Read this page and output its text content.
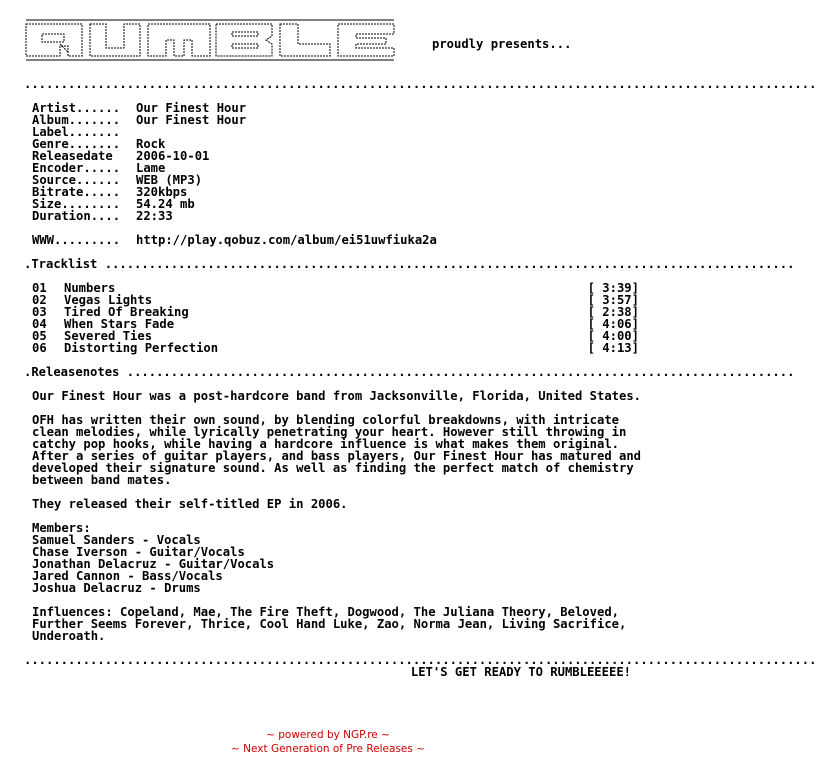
proudly presents...
............................................................................................................
Artist......	Our Finest Hour
Album.......	Our Finest Hour
Label.......
Genre.......	Rock
Releasedate	2006-10-01
Encoder.....	Lame
Source......	WEB (MP3)
Bitrate.....	320kbps
Size........	54.24 mb
Duration....	22:33
WWW.........	http://play.qobuz.com/album/ei51uwfiuka2a
.Tracklist ..............................................................................................
01	Numbers	[ 3:39]
02	Vegas Lights	[ 3:57]
03	Tired Of Breaking	[ 2:38]
04	When Stars Fade	[ 4:06]
05	Severed Ties	[ 4:00]
06	Distorting Perfection	[ 4:13]
.Releasenotes ...........................................................................................

Our Finest Hour was a post-hardcore band from Jacksonville, Florida, United States.

OFH has written their own sound, by blending colorful breakdowns, with intricate clean melodies, while lyrically penetrating your heart. However still throwing in catchy pop hooks, while having a hardcore influence is what makes them original. After a series of guitar players, and bass players, Our Finest Hour has matured and developed their signature sound. As well as finding the perfect match of chemistry between band mates.

They released their self-titled EP in 2006.

Members:
Samuel Sanders - Vocals
Chase Iverson - Guitar/Vocals
Jonathan Delacruz - Guitar/Vocals
Jared Cannon - Bass/Vocals
Joshua Delacruz - Drums

Influences: Copeland, Mae, The Fire Theft, Dogwood, The Juliana Theory, Beloved, Further Seems Forever, Thrice, Cool Hand Luke, Zao, Norma Jean, Living Sacrifice, Underoath.

............................................................................................................
LET'S GET READY TO RUMBLEEEEE!
~ powered by NGP.re ~
~ Next Generation of Pre Releases ~
